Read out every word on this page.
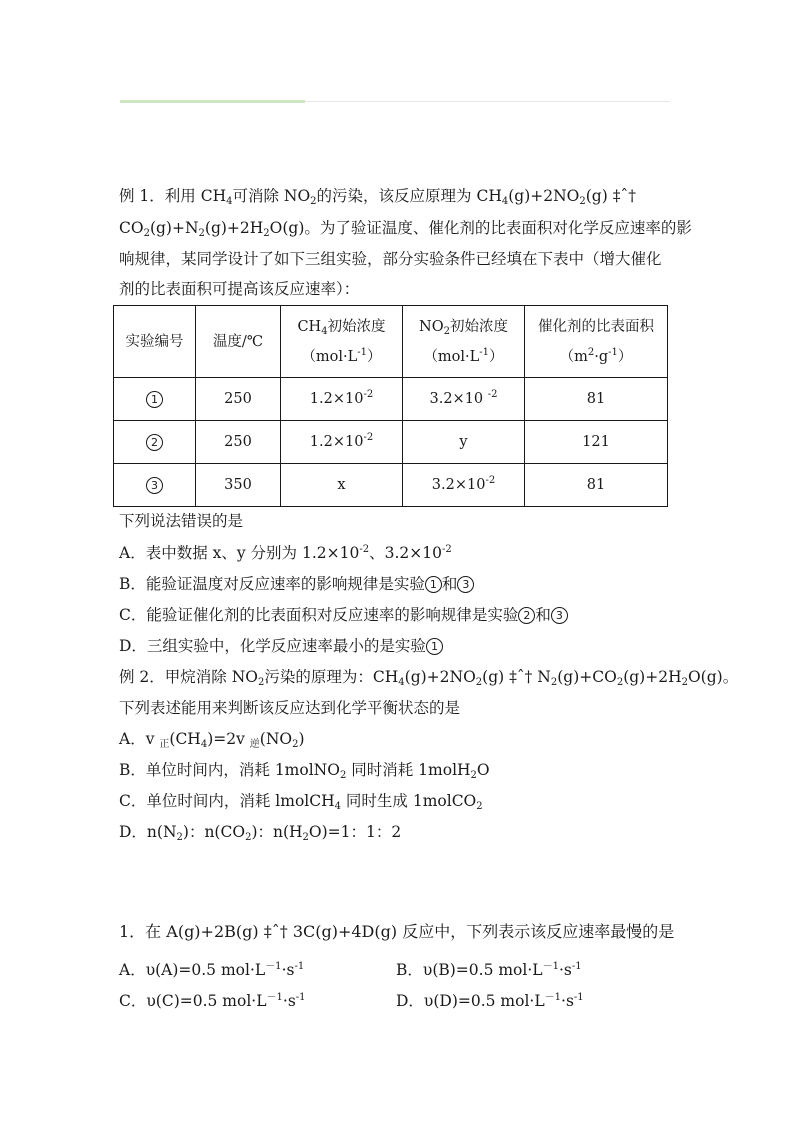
例 1．利用 $CH_4$可消除 $NO_2$的污染，该反应原理为 $CH_4(g)+2NO_2(g)$ ‡ˆ†
$CO_2(g)+N_2(g)+2H_2O(g)$。为了验证温度、催化剂的比表面积对化学反应速率的影
响规律，某同学设计了如下三组实验，部分实验条件已经填在下表中（增大催化
剂的比表面积可提高该反应速率）：
实验编号	温度/℃	$CH_4$初始浓度
$(mol\cdot L^{-1})$	$NO_2$初始浓度
$(mol\cdot L^{-1})$	催化剂的比表面积
$(m^2\cdot g^{-1})$
1	250	$1.2\times 10^{-2}$	3.2×10 $^{-2}$	81
2	250	$1.2\times 10^{-2}$	y	121
3	350	x	$3.2\times 10^{-2}$	81
下列说法错误的是
A．表中数据 x、y 分别为 $1.2\times 10^{-2}$、$3.2\times 10^{-2}$
B．能验证温度对反应速率的影响规律是实验 1 和 3
C．能验证催化剂的比表面积对反应速率的影响规律是实验 2 和 3
D．三组实验中，化学反应速率最小的是实验 1
例 2．甲烷消除 $NO_2$污染的原理为：$CH_4(g)+2NO_2(g)$ ‡ˆ† $N_2(g)+CO_2(g)+2H_2O(g)$。
下列表述能用来判断该反应达到化学平衡状态的是
A．v $_正(CH_4)=2v$ $_逆(NO_2)$
B．单位时间内，消耗 1molNO$_2$ 同时消耗 1molH$_2$O
C．单位时间内，消耗 lmolCH$_4$ 同时生成 1molCO$_2$
D．$n(N_2)$：$n(CO_2)$：$n(H_2O)=1$：1：2
1．在 A(g)+2B(g) ‡ˆ† 3C(g)+4D(g) 反应中，下列表示该反应速率最慢的是
A．υ(A)=0.5 $mol\cdot L^{-1}\cdot s^{-1}$	B．υ(B)=0.5 $mol\cdot L^{-1}\cdot s^{-1}$
C．υ(C)=0.5 $mol\cdot L^{-1}\cdot s^{-1}$	D．υ(D)=0.5 $mol\cdot L^{-1}\cdot s^{-1}$
